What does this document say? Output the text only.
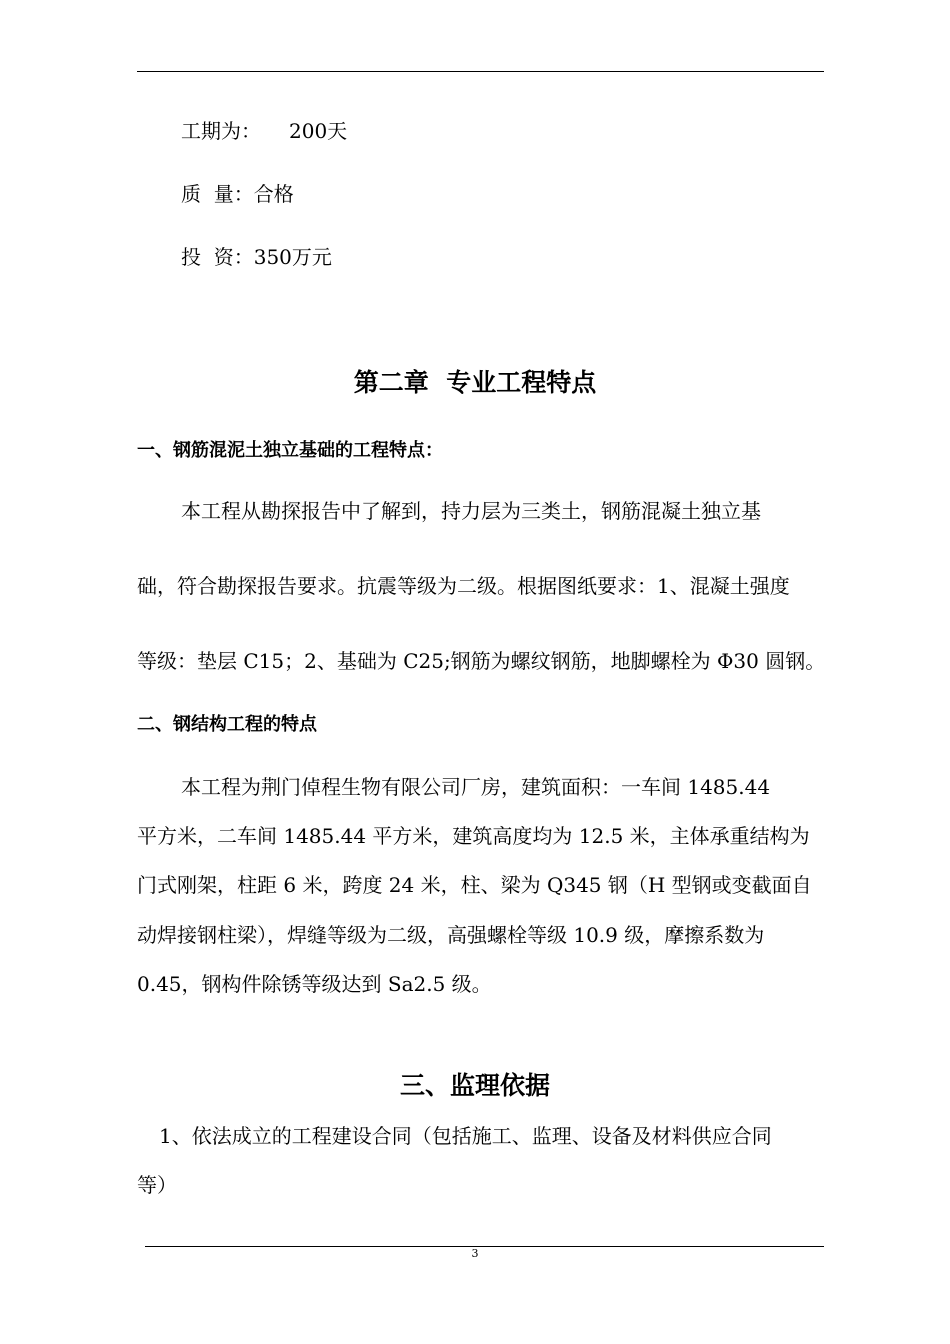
工期为： 200天
质  量：合格
投  资：350万元
第二章  专业工程特点
一、钢筋混泥土独立基础的工程特点：
本工程从勘探报告中了解到，持力层为三类土，钢筋混凝土独立基
础，符合勘探报告要求。抗震等级为二级。根据图纸要求：1、混凝土强度
等级：垫层 C15；2、基础为 C25;钢筋为螺纹钢筋，地脚螺栓为 Φ30 圆钢。
二、钢结构工程的特点
本工程为荆门倬程生物有限公司厂房，建筑面积：一车间 1485.44
平方米，二车间 1485.44 平方米，建筑高度均为 12.5 米，主体承重结构为
门式刚架，柱距 6 米，跨度 24 米，柱、梁为 Q345 钢（H 型钢或变截面自
动焊接钢柱梁），焊缝等级为二级，高强螺栓等级 10.9 级，摩擦系数为
0.45，钢构件除锈等级达到 Sa2.5 级。
三、监理依据
1、依法成立的工程建设合同（包括施工、监理、设备及材料供应合同
等）
3
